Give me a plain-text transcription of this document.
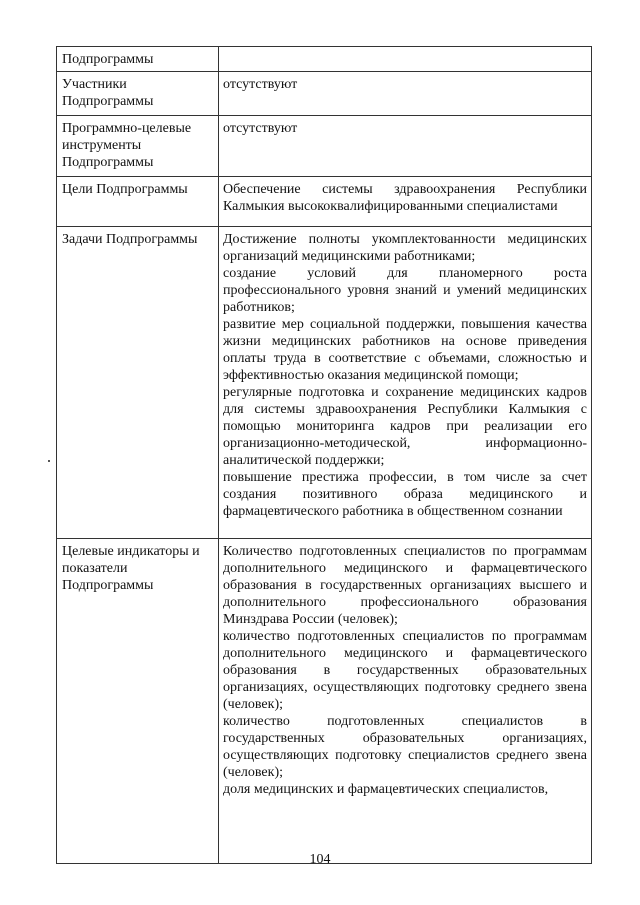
Подпрограммы	
Участники Подпрограммы	отсутствуют
Программно-целевые инструменты Подпрограммы	отсутствуют
Цели Подпрограммы	Обеспечение системы здравоохранения Республики Калмыкия высококвалифицированными специалистами
Задачи Подпрограммы	Достижение полноты укомплектованности медицинских организаций медицинскими работниками;

создание условий для планомерного роста профессионального уровня знаний и умений медицинских работников;

развитие мер социальной поддержки, повышения качества жизни медицинских работников на основе приведения оплаты труда в соответствие с объемами, сложностью и эффективностью оказания медицинской помощи;

регулярные подготовка и сохранение медицинских кадров для системы здравоохранения Республики Калмыкия с помощью мониторинга кадров при реализации его организационно-методической, информационно-аналитической поддержки;

повышение престижа профессии, в том числе за счет создания позитивного образа медицинского и фармацевтического работника в общественном сознании

Целевые индикаторы и показатели Подпрограммы	Количество подготовленных специалистов по программам дополнительного медицинского и фармацевтического образования в государственных организациях высшего и дополнительного профессионального образования Минздрава России (человек);

количество подготовленных специалистов по программам дополнительного медицинского и фармацевтического образования в государственных образовательных организациях, осуществляющих подготовку среднего звена (человек);

количество подготовленных специалистов в государственных образовательных организациях, осуществляющих подготовку специалистов среднего звена (человек);

доля медицинских и фармацевтических специалистов,

104
